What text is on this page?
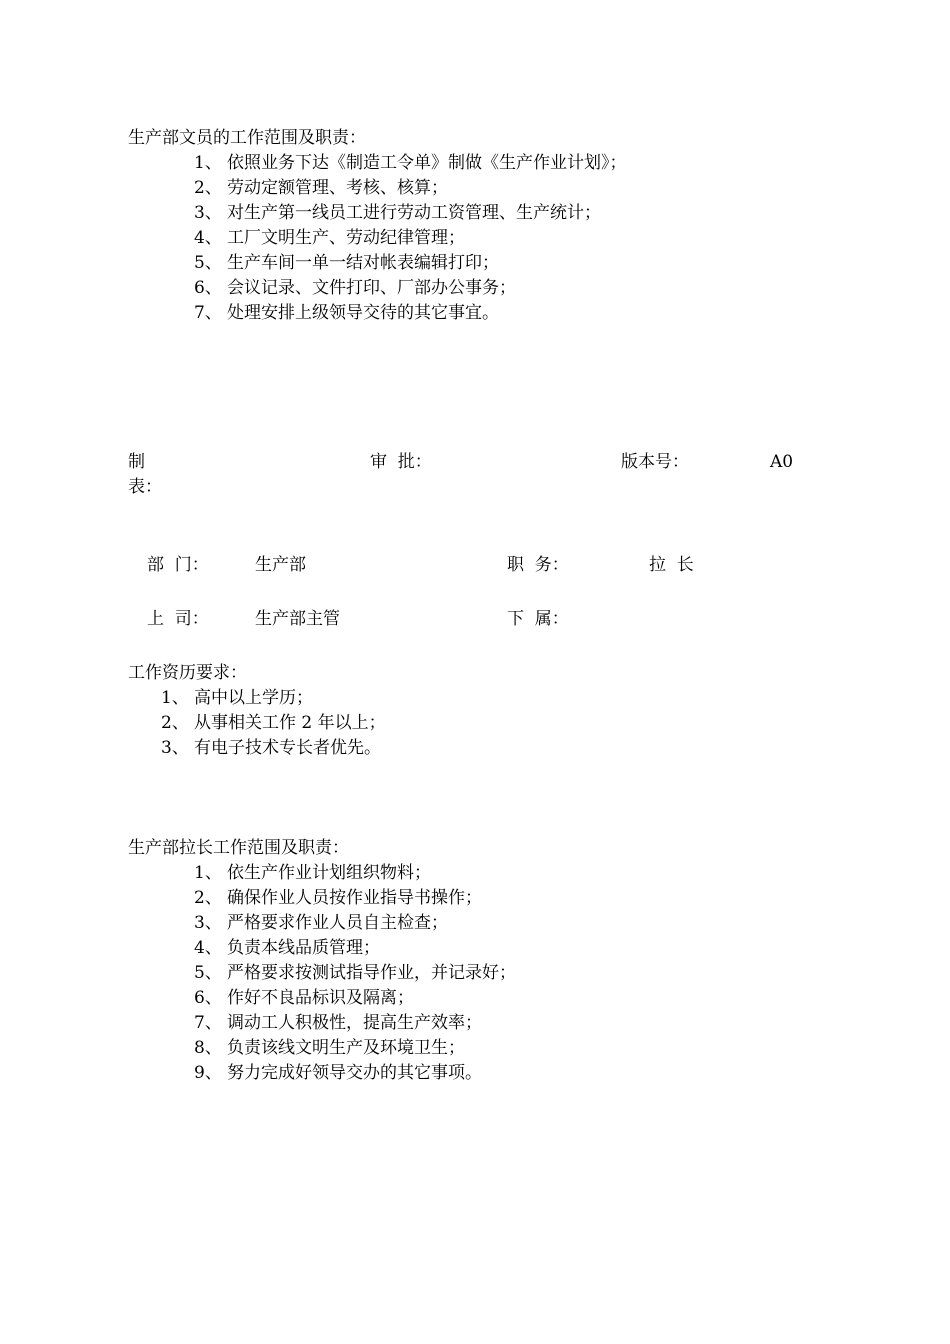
生产部文员的工作范围及职责：
1、 依照业务下达《制造工令单》制做《生产作业计划》；
2、 劳动定额管理、考核、核算；
3、 对生产第一线员工进行劳动工资管理、生产统计；
4、 工厂文明生产、劳动纪律管理；
5、 生产车间一单一结对帐表编辑打印；
6、 会议记录、文件打印、厂部办公事务；
7、 处理安排上级领导交待的其它事宜。
制
表：
审  批：	版本号：	A0
部  门：	生产部	职  务：	拉  长
上  司：	生产部主管	下  属：
工作资历要求：
1、 高中以上学历；
2、 从事相关工作 2 年以上；
3、 有电子技术专长者优先。
生产部拉长工作范围及职责：
1、 依生产作业计划组织物料；
2、 确保作业人员按作业指导书操作；
3、 严格要求作业人员自主检查；
4、 负责本线品质管理；
5、 严格要求按测试指导作业，并记录好；
6、 作好不良品标识及隔离；
7、 调动工人积极性，提高生产效率；
8、 负责该线文明生产及环境卫生；
9、 努力完成好领导交办的其它事项。
